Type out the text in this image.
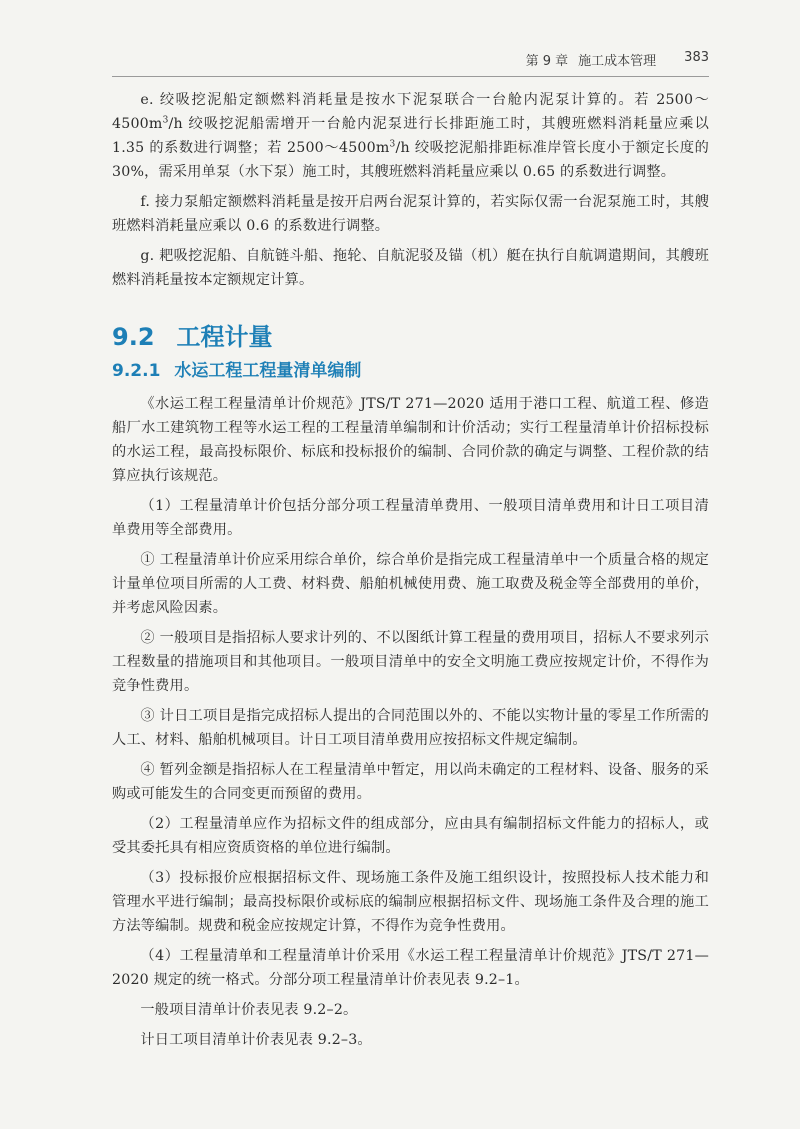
第 9 章 施工成本管理 383

e. 绞吸挖泥船定额燃料消耗量是按水下泥泵联合一台舱内泥泵计算的。若 $2500\sim 4500m^3/h$ 绞吸挖泥船需增开一台舱内泥泵进行长排距施工时，其艘班燃料消耗量应乘以 1.35 的系数进行调整；若 $2500\sim 4500m^3/h$ 绞吸挖泥船排距标准岸管长度小于额定长度的 30%，需采用单泵（水下泵）施工时，其艘班燃料消耗量应乘以 0.65 的系数进行调整。

f. 接力泵船定额燃料消耗量是按开启两台泥泵计算的，若实际仅需一台泥泵施工时，其艘班燃料消耗量应乘以 0.6 的系数进行调整。

g. 耙吸挖泥船、自航链斗船、拖轮、自航泥驳及锚（机）艇在执行自航调遣期间，其艘班燃料消耗量按本定额规定计算。

9.2 工程计量
9.2.1 水运工程工程量清单编制

《水运工程工程量清单计价规范》JTS/T 271—2020 适用于港口工程、航道工程、修造船厂水工建筑物工程等水运工程的工程量清单编制和计价活动；实行工程量清单计价招标投标的水运工程，最高投标限价、标底和投标报价的编制、合同价款的确定与调整、工程价款的结算应执行该规范。

（1）工程量清单计价包括分部分项工程量清单费用、一般项目清单费用和计日工项目清单费用等全部费用。

① 工程量清单计价应采用综合单价，综合单价是指完成工程量清单中一个质量合格的规定计量单位项目所需的人工费、材料费、船舶机械使用费、施工取费及税金等全部费用的单价，并考虑风险因素。

② 一般项目是指招标人要求计列的、不以图纸计算工程量的费用项目，招标人不要求列示工程数量的措施项目和其他项目。一般项目清单中的安全文明施工费应按规定计价，不得作为竞争性费用。

③ 计日工项目是指完成招标人提出的合同范围以外的、不能以实物计量的零星工作所需的人工、材料、船舶机械项目。计日工项目清单费用应按招标文件规定编制。

④ 暂列金额是指招标人在工程量清单中暂定，用以尚未确定的工程材料、设备、服务的采购或可能发生的合同变更而预留的费用。

（2）工程量清单应作为招标文件的组成部分，应由具有编制招标文件能力的招标人，或受其委托具有相应资质资格的单位进行编制。

（3）投标报价应根据招标文件、现场施工条件及施工组织设计，按照投标人技术能力和管理水平进行编制；最高投标限价或标底的编制应根据招标文件、现场施工条件及合理的施工方法等编制。规费和税金应按规定计算，不得作为竞争性费用。

（4）工程量清单和工程量清单计价采用《水运工程工程量清单计价规范》JTS/T 271—2020 规定的统一格式。分部分项工程量清单计价表见表 9.2–1。

一般项目清单计价表见表 9.2–2。

计日工项目清单计价表见表 9.2–3。
